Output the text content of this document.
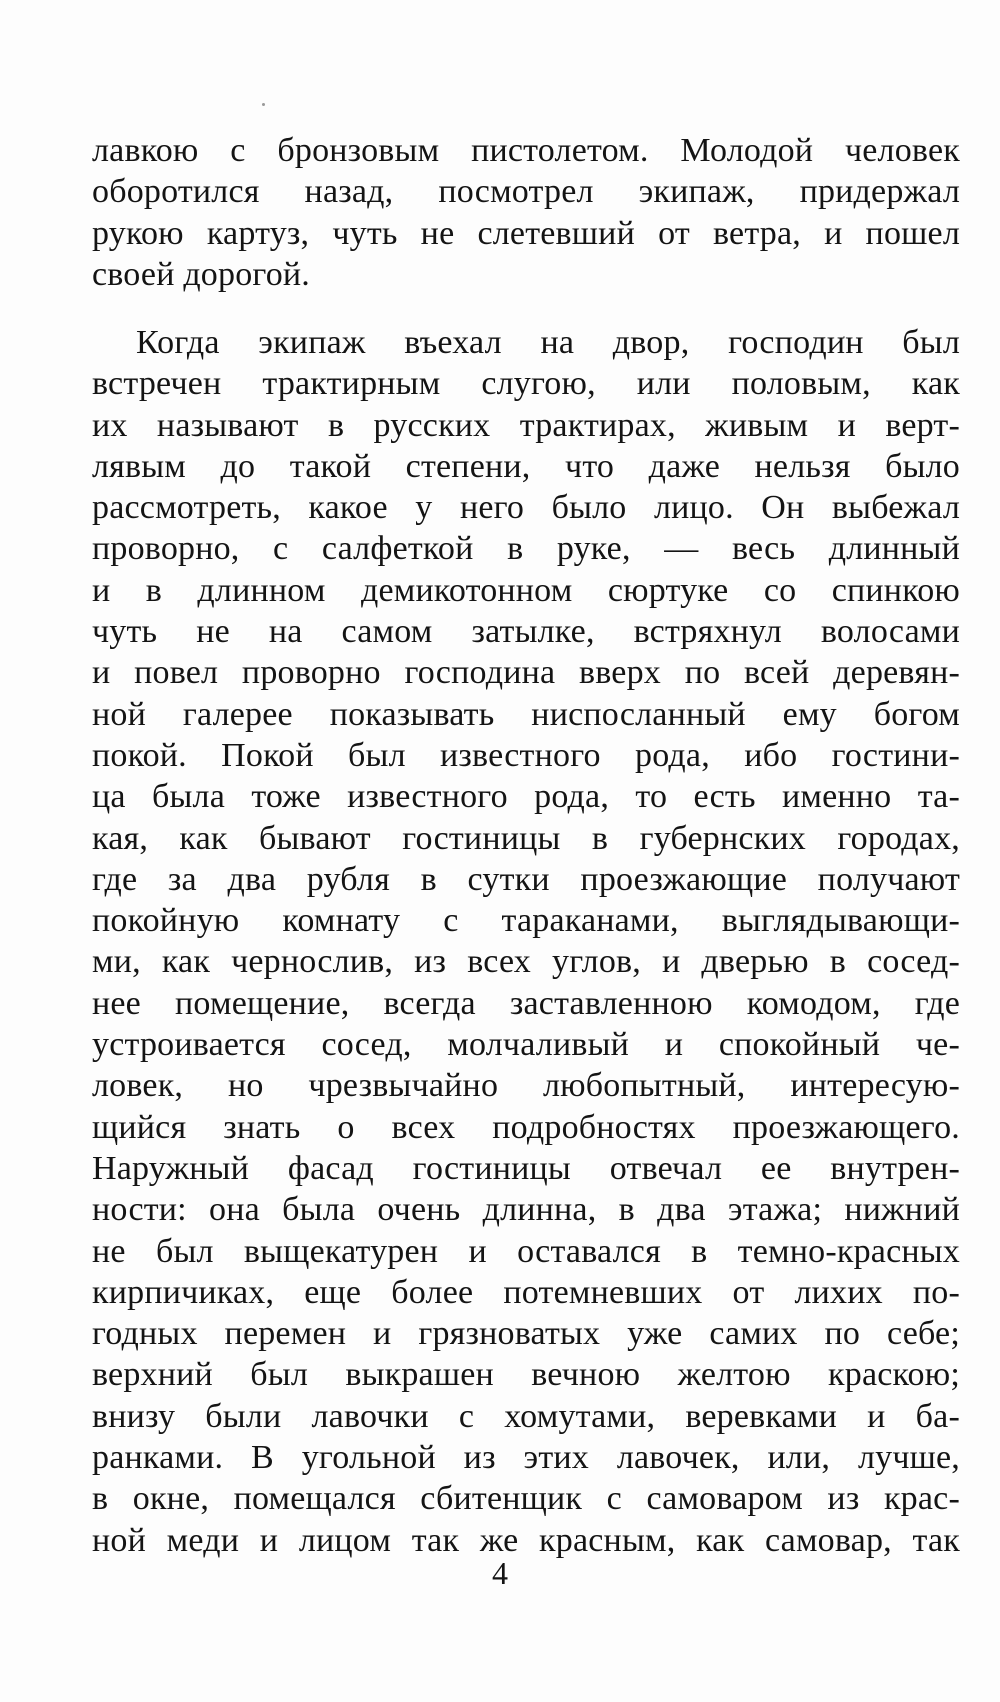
лавкою с бронзовым пистолетом. Молодой человек
оборотился назад, посмотрел экипаж, придержал
рукою картуз, чуть не слетевший от ветра, и пошел
своей дорогой.
Когда экипаж въехал на двор, господин был
встречен трактирным слугою, или половым, как
их называют в русских трактирах, живым и верт-
лявым до такой степени, что даже нельзя было
рассмотреть, какое у него было лицо. Он выбежал
проворно, с салфеткой в руке, — весь длинный
и в длинном демикотонном сюртуке со спинкою
чуть не на самом затылке, встряхнул волосами
и повел проворно господина вверх по всей деревян-
ной галерее показывать ниспосланный ему богом
покой. Покой был известного рода, ибо гостини-
ца была тоже известного рода, то есть именно та-
кая, как бывают гостиницы в губернских городах,
где за два рубля в сутки проезжающие получают
покойную комнату с тараканами, выглядывающи-
ми, как чернослив, из всех углов, и дверью в сосед-
нее помещение, всегда заставленною комодом, где
устроивается сосед, молчаливый и спокойный че-
ловек, но чрезвычайно любопытный, интересую-
щийся знать о всех подробностях проезжающего.
Наружный фасад гостиницы отвечал ее внутрен-
ности: она была очень длинна, в два этажа; нижний
не был выщекатурен и оставался в темно-красных
кирпичиках, еще более потемневших от лихих по-
годных перемен и грязноватых уже самих по себе;
верхний был выкрашен вечною желтою краскою;
внизу были лавочки с хомутами, веревками и ба-
ранками. В угольной из этих лавочек, или, лучше,
в окне, помещался сбитенщик с самоваром из крас-
ной меди и лицом так же красным, как самовар, так
4
